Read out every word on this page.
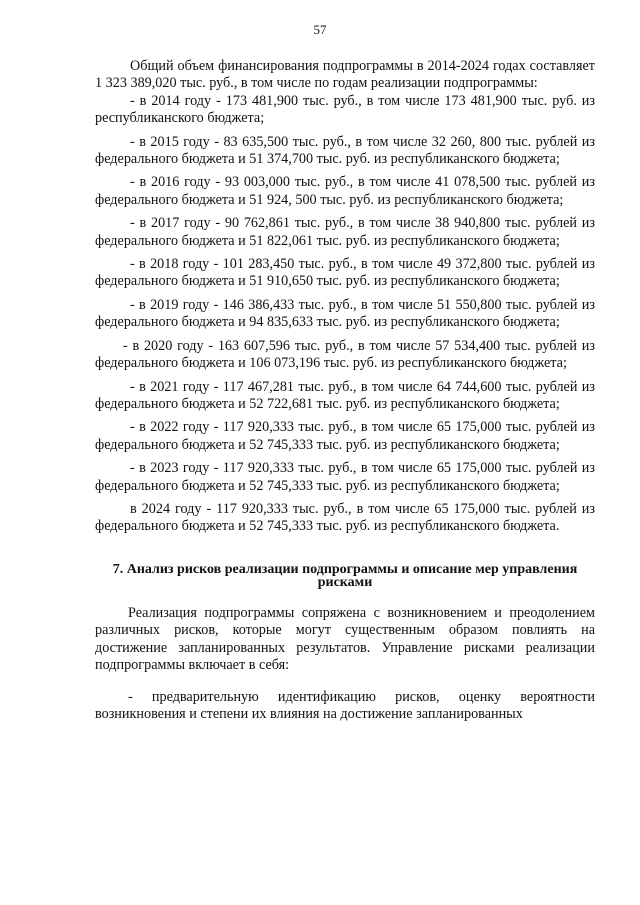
57

Общий объем финансирования подпрограммы в 2014-2024 годах составляет 1 323 389,020 тыс. руб., в том числе по годам реализации подпрограммы:

- в 2014 году - 173 481,900 тыс. руб., в том числе 173 481,900 тыс. руб. из республиканского бюджета;

- в 2015 году - 83 635,500 тыс. руб., в том числе 32 260, 800 тыс. рублей из федерального бюджета и 51 374,700 тыс. руб. из республиканского бюджета;

- в 2016 году - 93 003,000 тыс. руб., в том числе 41 078,500 тыс. рублей из федерального бюджета и 51 924, 500 тыс. руб. из республиканского бюджета;

- в 2017 году - 90 762,861 тыс. руб., в том числе 38 940,800 тыс. рублей из федерального бюджета и 51 822,061 тыс. руб. из республиканского бюджета;

- в 2018 году - 101 283,450 тыс. руб., в том числе 49 372,800 тыс. рублей из федерального бюджета и 51 910,650 тыс. руб. из республиканского бюджета;

- в 2019 году - 146 386,433 тыс. руб., в том числе 51 550,800 тыс. рублей из федерального бюджета и 94 835,633 тыс. руб. из республиканского бюджета;

- в 2020 году - 163 607,596 тыс. руб., в том числе 57 534,400 тыс. рублей из федерального бюджета и 106 073,196 тыс. руб. из республиканского бюджета;

- в 2021 году - 117 467,281 тыс. руб., в том числе 64 744,600 тыс. рублей из федерального бюджета и 52 722,681 тыс. руб. из республиканского бюджета;

- в 2022 году - 117 920,333 тыс. руб., в том числе 65 175,000 тыс. рублей из федерального бюджета и 52 745,333 тыс. руб. из республиканского бюджета;

- в 2023 году - 117 920,333 тыс. руб., в том числе 65 175,000 тыс. рублей из федерального бюджета и 52 745,333 тыс. руб. из республиканского бюджета;

в 2024 году - 117 920,333 тыс. руб., в том числе 65 175,000 тыс. рублей из федерального бюджета и 52 745,333 тыс. руб. из республиканского бюджета.

7. Анализ рисков реализации подпрограммы и описание мер управления рисками

Реализация подпрограммы сопряжена с возникновением и преодолением различных рисков, которые могут существенным образом повлиять на достижение запланированных результатов. Управление рисками реализации подпрограммы включает в себя:

- предварительную идентификацию рисков, оценку вероятности возникновения и степени их влияния на достижение запланированных
